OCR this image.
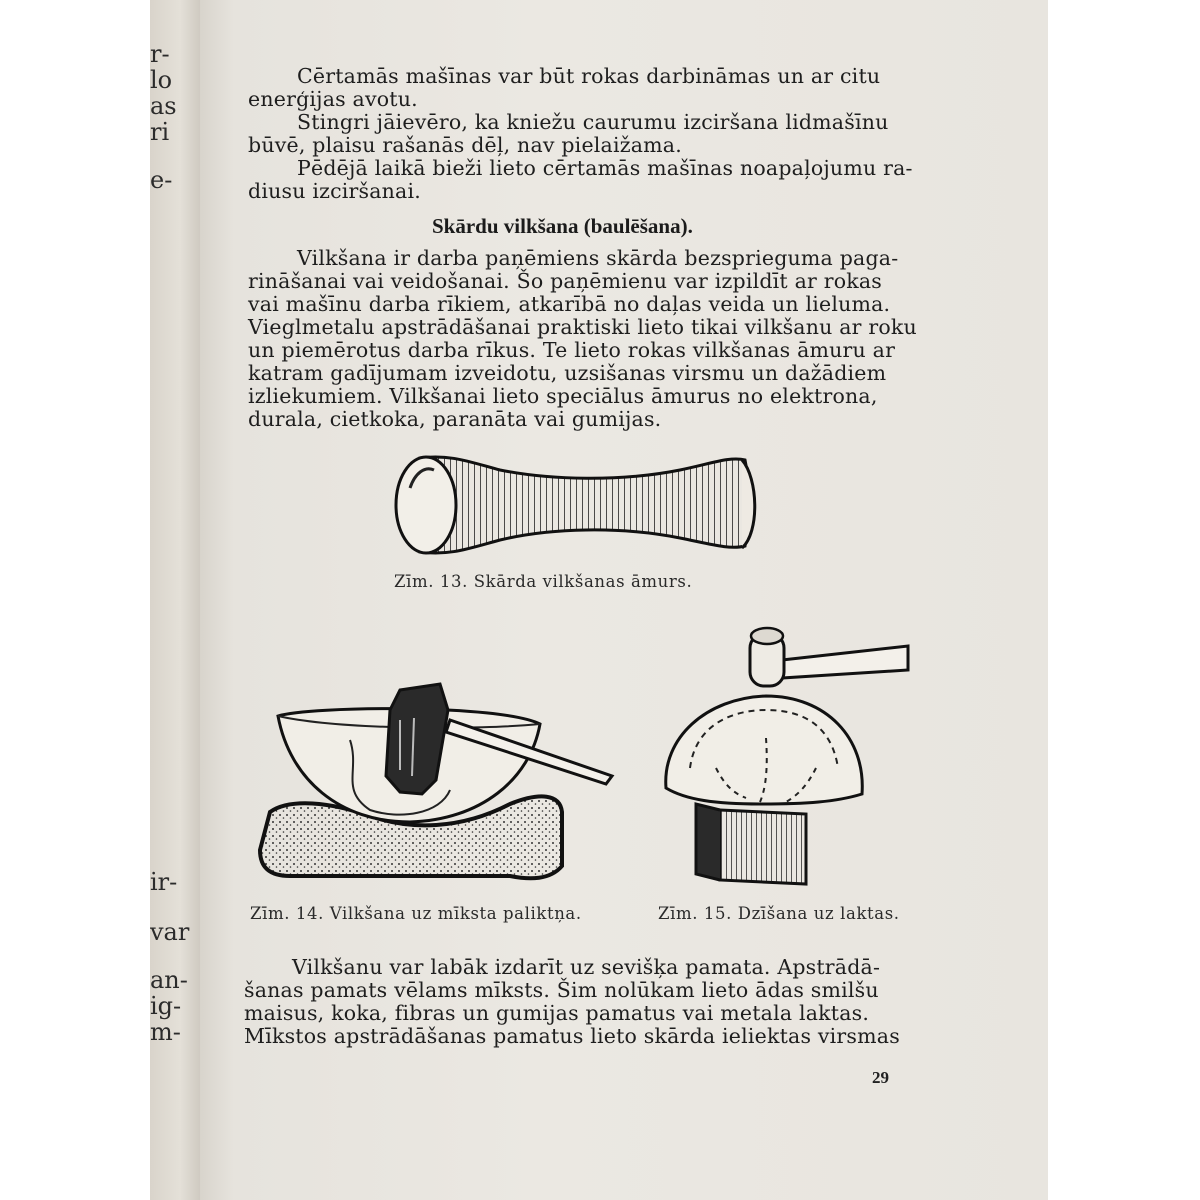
r-
lo
as
ri
e-
ir-
var
an-
ig-
m-
Cērtamās mašīnas var būt rokas darbināmas un ar citu
enerģijas avotu.
Stingri jāievēro, ka kniežu caurumu izciršana lidmašīnu
būvē, plaisu rašanās dēļ, nav pielaižama.
Pēdējā laikā bieži lieto cērtamās mašīnas noapaļojumu ra-
diusu izciršanai.
Skārdu vilkšana (baulēšana).
Vilkšana ir darba paņēmiens skārda bezsprieguma paga-
rināšanai vai veidošanai. Šo paņēmienu var izpildīt ar rokas
vai mašīnu darba rīkiem, atkarībā no daļas veida un lieluma.
Vieglmetalu apstrādāšanai praktiski lieto tikai vilkšanu ar roku
un piemērotus darba rīkus. Te lieto rokas vilkšanas āmuru ar
katram gadījumam izveidotu, uzsišanas virsmu un dažādiem
izliekumiem. Vilkšanai lieto speciālus āmurus no elektrona,
durala, cietkoka, paranāta vai gumijas.
Zīm. 13. Skārda vilkšanas āmurs.
Zīm. 14. Vilkšana uz mīksta paliktņa.	Zīm. 15. Dzīšana uz laktas.
Vilkšanu var labāk izdarīt uz sevišķa pamata. Apstrādā-
šanas pamats vēlams mīksts. Šim nolūkam lieto ādas smilšu
maisus, koka, fibras un gumijas pamatus vai metala laktas.
Mīkstos apstrādāšanas pamatus lieto skārda ieliektas virsmas
29
